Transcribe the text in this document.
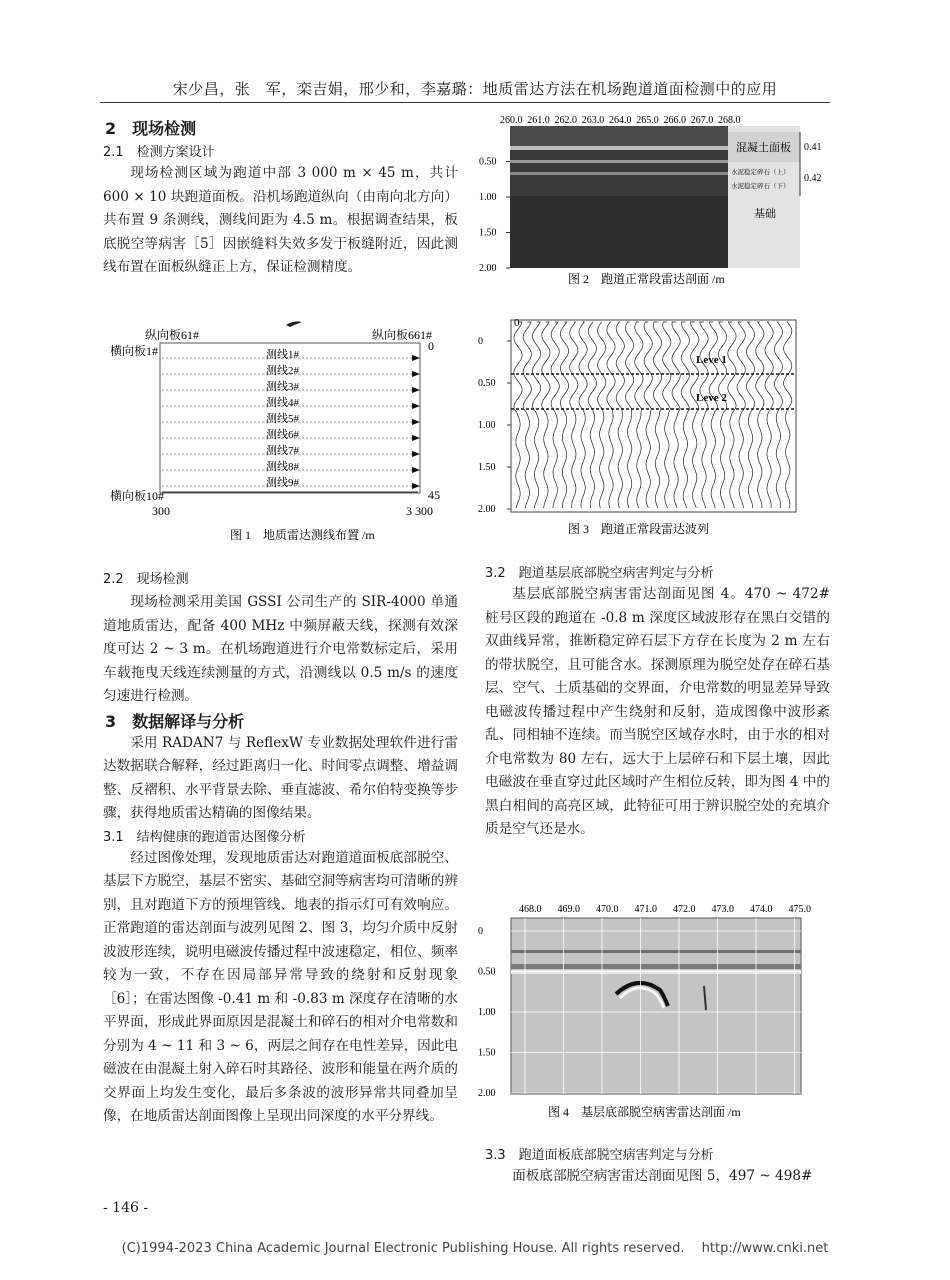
宋少昌，张　军，栾吉娟，邢少和，李嘉璐：地质雷达方法在机场跑道道面检测中的应用
2　现场检测
2.1　检测方案设计

现场检测区域为跑道中部 3 000 m × 45 m，共计 600 × 10 块跑道面板。沿机场跑道纵向（由南向北方向）共布置 9 条测线，测线间距为 4.5 m。根据调查结果，板底脱空等病害［5］因嵌缝料失效多发于板缝附近，因此测线布置在面板纵缝正上方，保证检测精度。

纵向板61#	纵向板661#
横向板1#
横向板10#
0
45
300	3 300
测线1#
测线2#
测线3#
测线4#
测线5#
测线6#
测线7#
测线8#
测线9#
图 1　地质雷达测线布置 /m
2.2　现场检测

现场检测采用美国 GSSI 公司生产的 SIR-4000 单通道地质雷达，配备 400 MHz 中频屏蔽天线，探测有效深度可达 2 ~ 3 m。在机场跑道进行介电常数标定后，采用车载拖曳天线连续测量的方式，沿测线以 0.5 m/s 的速度匀速进行检测。

3　数据解译与分析

采用 RADAN7 与 ReflexW 专业数据处理软件进行雷达数据联合解释，经过距离归一化、时间零点调整、增益调整、反褶积、水平背景去除、垂直滤波、希尔伯特变换等步骤，获得地质雷达精确的图像结果。

3.1　结构健康的跑道雷达图像分析

经过图像处理，发现地质雷达对跑道道面板底部脱空、基层下方脱空，基层不密实、基础空洞等病害均可清晰的辨别，且对跑道下方的预埋管线、地表的指示灯可有效响应。正常跑道的雷达剖面与波列见图 2、图 3，均匀介质中反射波波形连续，说明电磁波传播过程中波速稳定，相位、频率较为一致，不存在因局部异常导致的绕射和反射现象［6］；在雷达图像 -0.41 m 和 -0.83 m 深度存在清晰的水平界面，形成此界面原因是混凝土和碎石的相对介电常数和分别为 4 ~ 11 和 3 ~ 6，两层之间存在电性差异，因此电磁波在由混凝土射入碎石时其路径、波形和能量在两介质的交界面上均发生变化，最后多条波的波形异常共同叠加呈像，在地质雷达剖面图像上呈现出同深度的水平分界线。

- 146 -
混凝土面板
水泥稳定碎石（上）
水泥稳定碎石（下）
基础
0.41
0.42
260.0 261.0 262.0 263.0 264.0 265.0 266.0 267.0 268.0
0.50
1.00
1.50
2.00
图 2　跑道正常段雷达剖面 /m
Leve 1
Leve 2
0
0
0.50
1.00
1.50
2.00
图 3　跑道正常段雷达波列
3.2　跑道基层底部脱空病害判定与分析

基层底部脱空病害雷达剖面见图 4。470 ~ 472# 桩号区段的跑道在 -0.8 m 深度区域波形存在黑白交错的双曲线异常，推断稳定碎石层下方存在长度为 2 m 左右的带状脱空，且可能含水。探测原理为脱空处存在碎石基层、空气、土质基础的交界面，介电常数的明显差异导致电磁波传播过程中产生绕射和反射，造成图像中波形紊乱、同相轴不连续。而当脱空区域存水时，由于水的相对介电常数为 80 左右，远大于上层碎石和下层土壤，因此电磁波在垂直穿过此区域时产生相位反转，即为图 4 中的黑白相间的高亮区域，此特征可用于辨识脱空处的充填介质是空气还是水。

468.0 469.0 470.0 471.0 472.0 473.0 474.0 475.0
0
0.50
1.00
1.50
2.00
图 4　基层底部脱空病害雷达剖面 /m
3.3　跑道面板底部脱空病害判定与分析

面板底部脱空病害雷达剖面见图 5，497 ~ 498#

(C)1994-2023 China Academic Journal Electronic Publishing House. All rights reserved.　 http://www.cnki.net
